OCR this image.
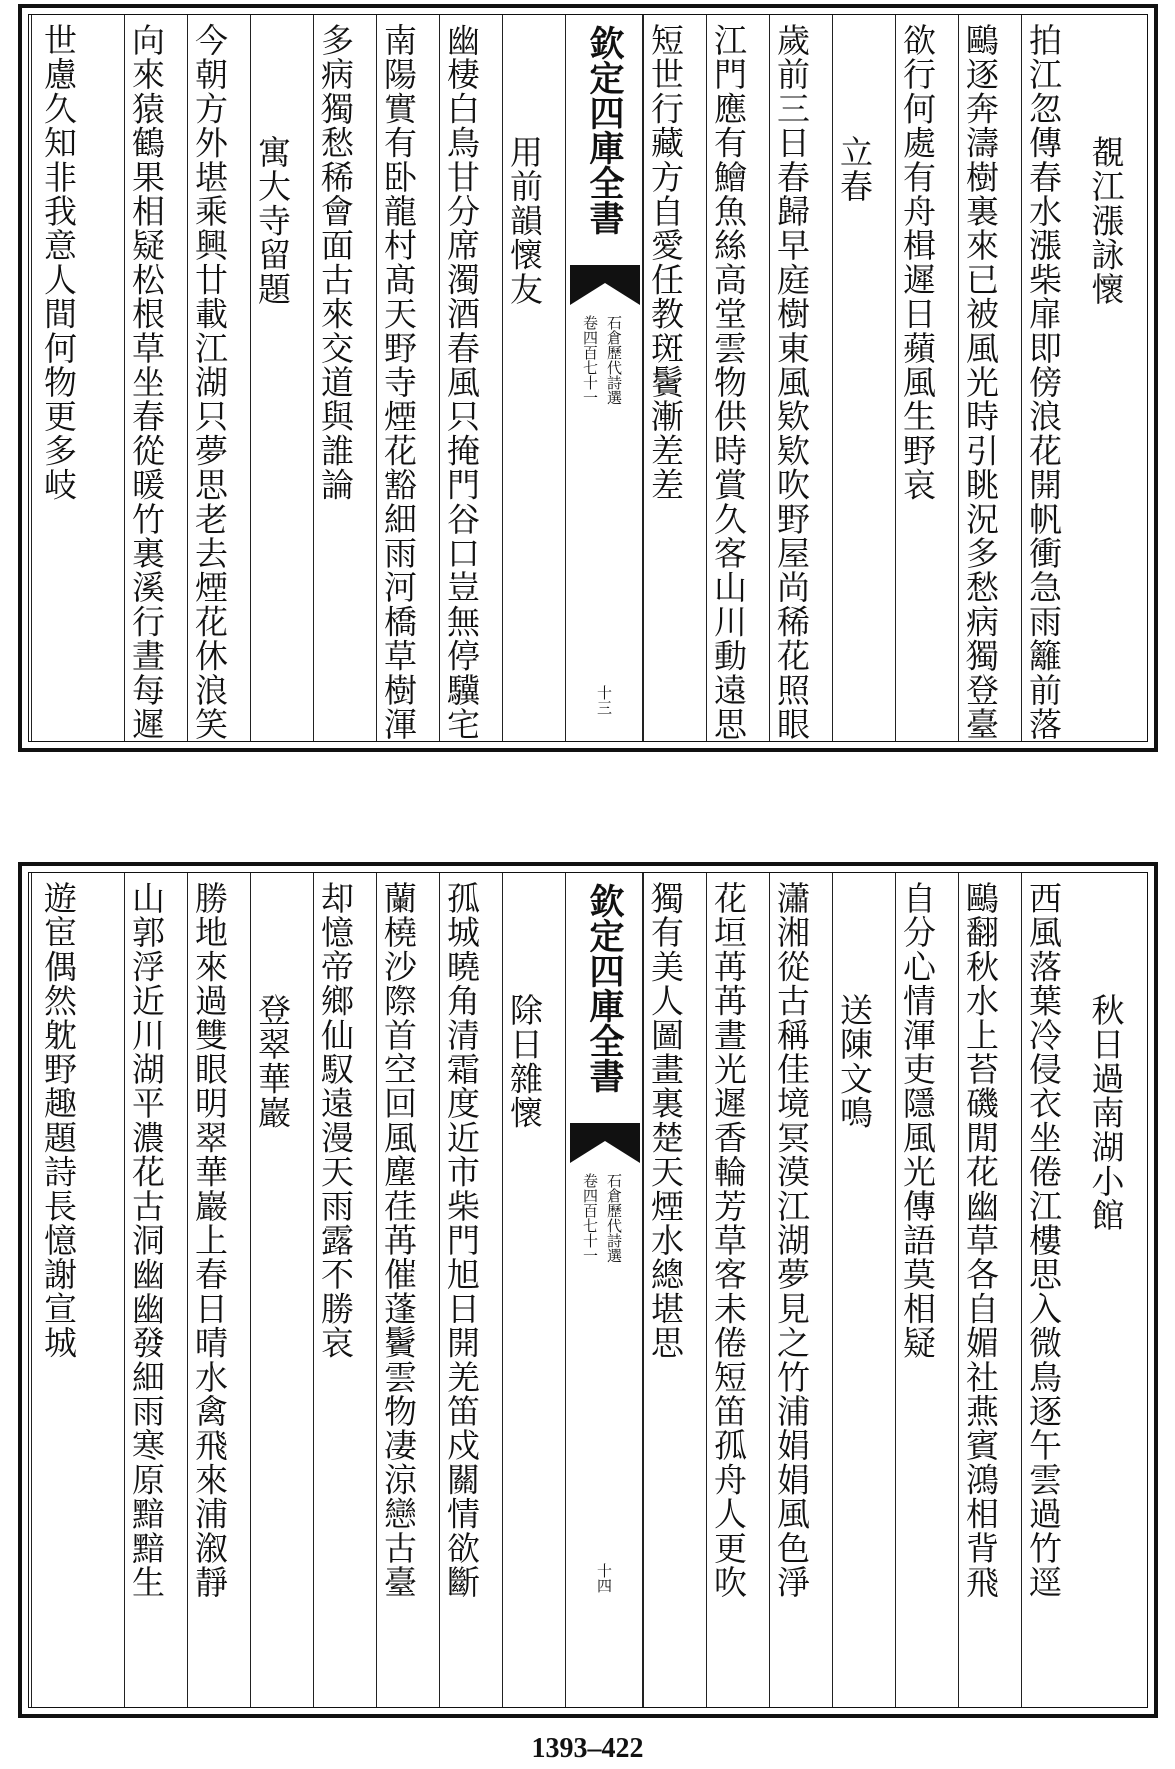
覩江漲詠懷
拍江忽傳春水漲柴扉即傍浪花開帆衝急雨籬前落
鷗逐奔濤樹裏來已被風光時引眺況多愁病獨登臺
欲行何處有舟楫遲日蘋風生野哀
立春
歲前三日春歸早庭樹東風欵欵吹野屋尚稀花照眼
江門應有鱠魚絲高堂雲物供時賞久客山川動遠思
短世行藏方自愛任教斑鬢漸差差
欽定四庫全書
石倉歷代詩選
卷四百七十一
十三
用前韻懷友
幽棲白鳥甘分席濁酒春風只掩門谷口豈無停驥宅
南陽實有卧龍村髙天野寺煙花豁細雨河橋草樹渾
多病獨愁稀會面古來交道與誰論
寓大寺留題
今朝方外堪乘興廿載江湖只夢思老去煙花休浪笑
向來猿鶴果相疑松根草坐春從暖竹裏溪行晝每遲
世慮久知非我意人間何物更多岐
秋日過南湖小館
西風落葉冷侵衣坐倦江樓思入微鳥逐午雲過竹逕
鷗翻秋水上苔磯閒花幽草各自媚社燕賓鴻相背飛
自分心情渾吏隱風光傳語莫相疑
送陳文鳴
瀟湘從古稱佳境冥漠江湖夢見之竹浦娟娟風色淨
花垣苒苒晝光遲香輪芳草客未倦短笛孤舟人更吹
獨有美人圖畫裏楚天煙水總堪思
欽定四庫全書
石倉歷代詩選
卷四百七十一
十四
除日雜懷
孤城曉角清霜度近市柴門旭日開羌笛戍關情欲斷
蘭橈沙際首空回風塵荏苒催蓬鬢雲物凄涼戀古臺
却憶帝鄉仙馭遠漫天雨露不勝哀
登翠華巖
勝地來過雙眼明翠華巖上春日晴水禽飛來浦溆靜
山郭浮近川湖平濃花古洞幽幽發細雨寒原黯黯生
遊宦偶然躭野趣題詩長憶謝宣城
1393–422
